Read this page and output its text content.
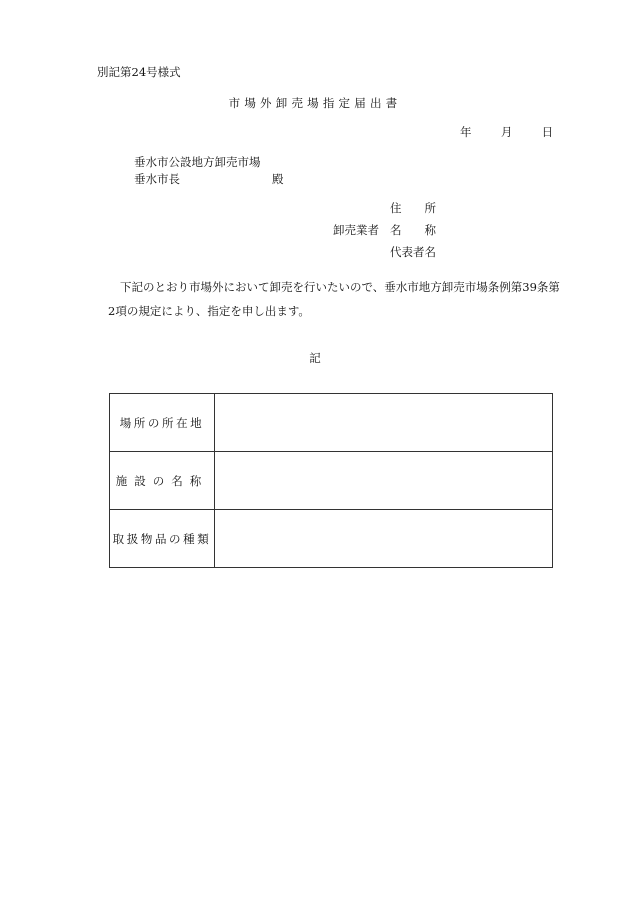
別記第24号様式
市場外卸売場指定届出書
年	月	日
垂水市公設地方卸売市場
垂水市長	殿
卸売業者
住 所
名 称
代表者名
下記のとおり市場外において卸売を行いたいので、垂水市地方卸売市場条例第39条第
2項の規定により、指定を申し出ます。
記
場所の所在地	
施設の名称	
取扱物品の種類	
